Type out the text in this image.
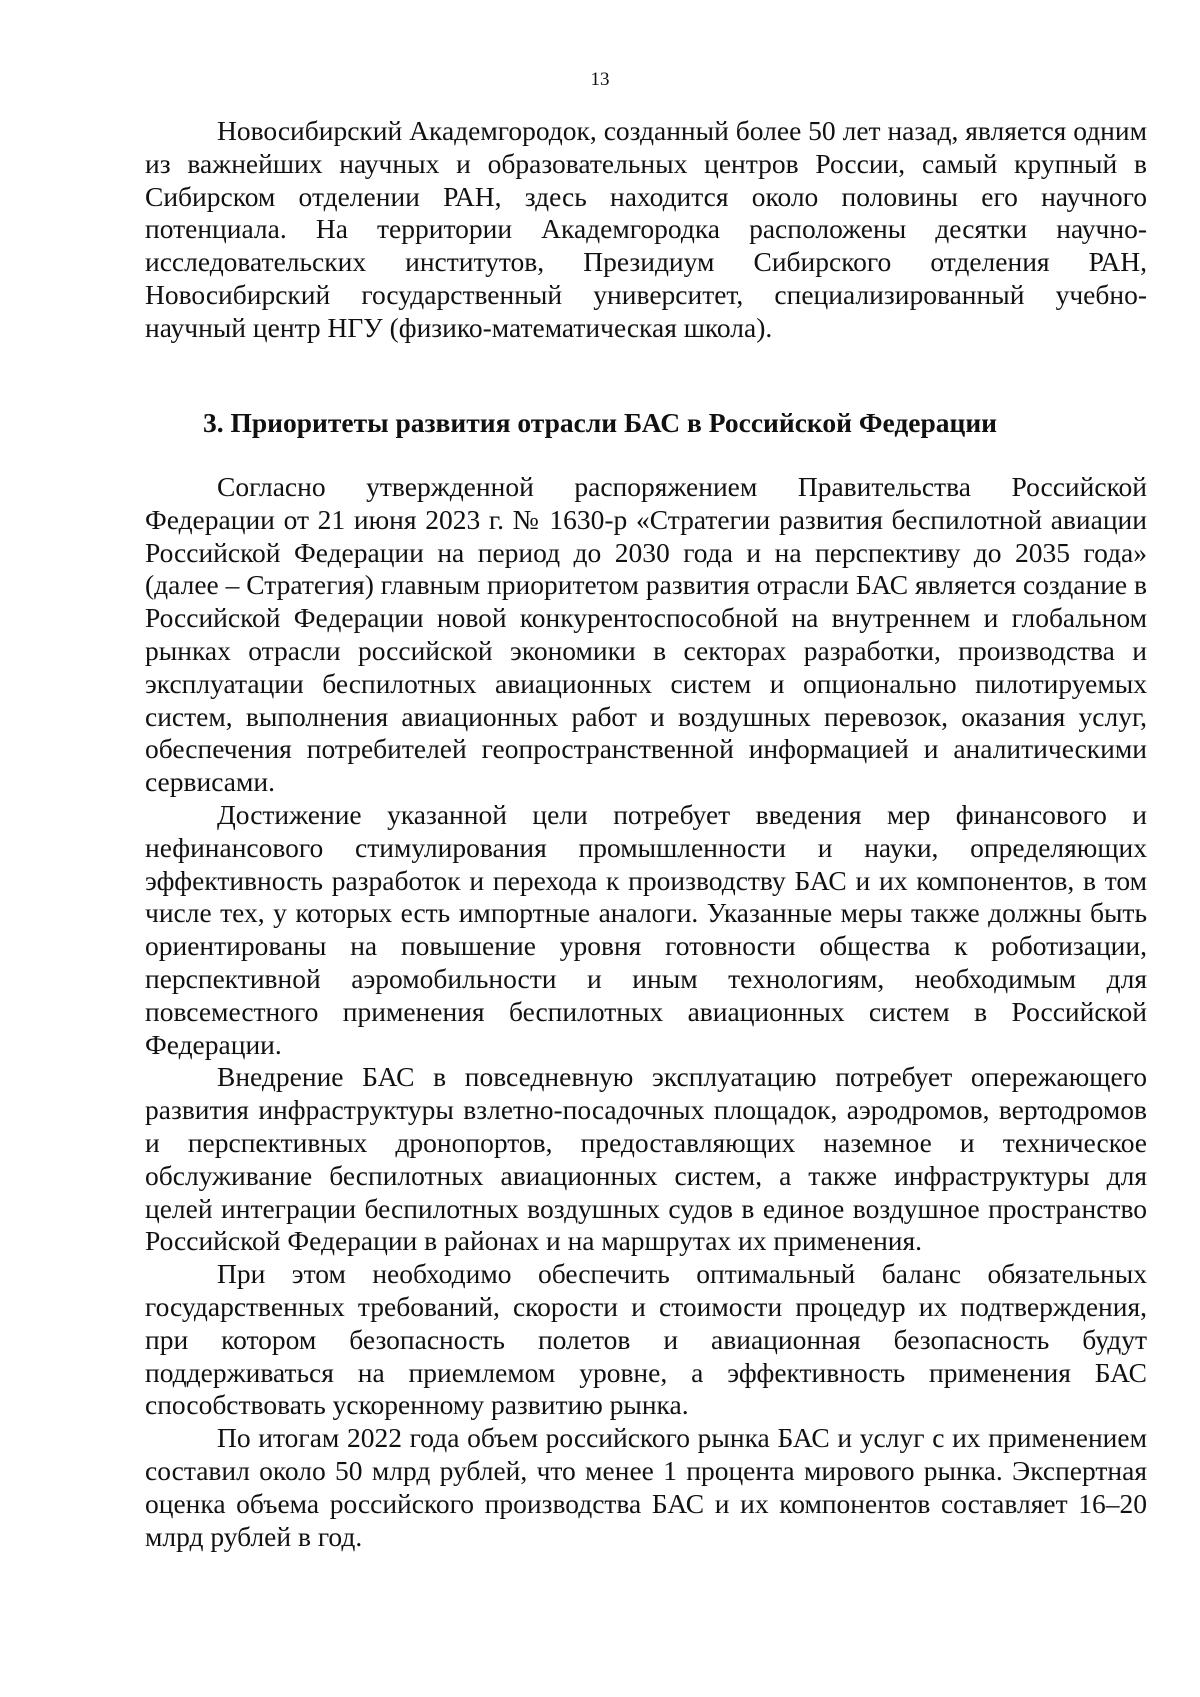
13

Новосибирский Академгородок, созданный более 50 лет назад, является одним из важнейших научных и образовательных центров России, самый крупный в Сибирском отделении РАН, здесь находится около половины его научного потенциала. На территории Академгородка расположены десятки научно-исследовательских институтов, Президиум Сибирского отделения РАН, Новосибирский государственный университет, специализированный учебно-научный центр НГУ (физико-математическая школа).

3. Приоритеты развития отрасли БАС в Российской Федерации

Согласно утвержденной распоряжением Правительства Российской Федерации от 21 июня 2023 г. № 1630-р «Стратегии развития беспилотной авиации Российской Федерации на период до 2030 года и на перспективу до 2035 года» (далее – Стратегия) главным приоритетом развития отрасли БАС является создание в Российской Федерации новой конкурентоспособной на внутреннем и глобальном рынках отрасли российской экономики в секторах разработки, производства и эксплуатации беспилотных авиационных систем и опционально пилотируемых систем, выполнения авиационных работ и воздушных перевозок, оказания услуг, обеспечения потребителей геопространственной информацией и аналитическими сервисами.

Достижение указанной цели потребует введения мер финансового и нефинансового стимулирования промышленности и науки, определяющих эффективность разработок и перехода к производству БАС и их компонентов, в том числе тех, у которых есть импортные аналоги. Указанные меры также должны быть ориентированы на повышение уровня готовности общества к роботизации, перспективной аэромобильности и иным технологиям, необходимым для повсеместного применения беспилотных авиационных систем в Российской Федерации.

Внедрение БАС в повседневную эксплуатацию потребует опережающего развития инфраструктуры взлетно-посадочных площадок, аэродромов, вертодромов и перспективных дронопортов, предоставляющих наземное и техническое обслуживание беспилотных авиационных систем, а также инфраструктуры для целей интеграции беспилотных воздушных судов в единое воздушное пространство Российской Федерации в районах и на маршрутах их применения.

При этом необходимо обеспечить оптимальный баланс обязательных государственных требований, скорости и стоимости процедур их подтверждения, при котором безопасность полетов и авиационная безопасность будут поддерживаться на приемлемом уровне, а эффективность применения БАС способствовать ускоренному развитию рынка.

По итогам 2022 года объем российского рынка БАС и услуг с их применением составил около 50 млрд рублей, что менее 1 процента мирового рынка. Экспертная оценка объема российского производства БАС и их компонентов составляет 16–20 млрд рублей в год.
